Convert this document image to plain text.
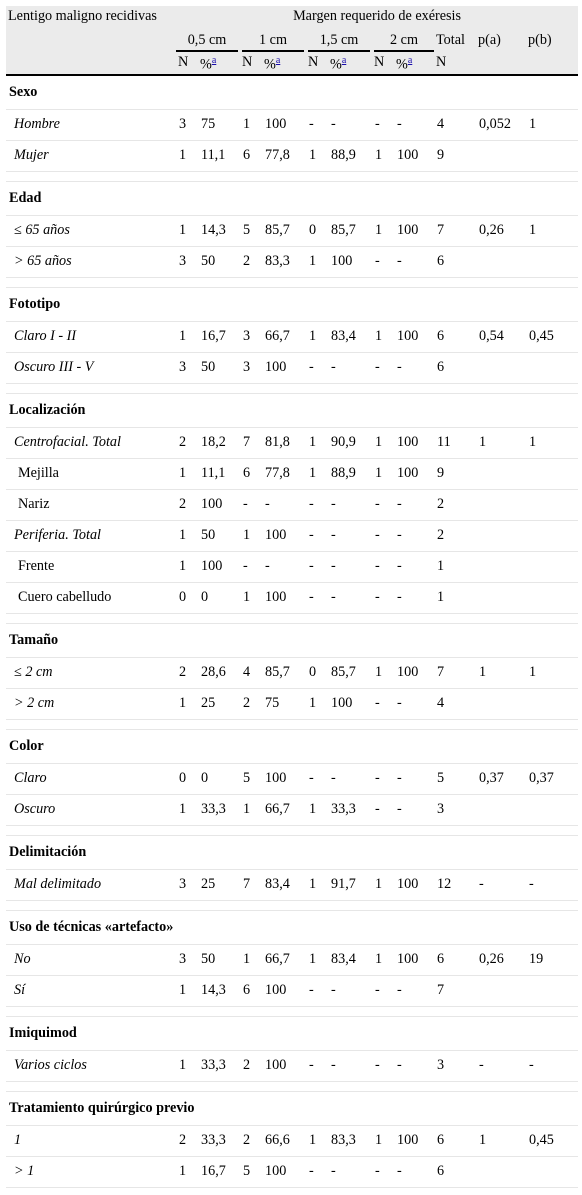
Lentigo maligno recidivas	Margen requerido de exéresis										
	0,5 cm		1 cm		1,5 cm		2 cm		Total	p(a)	p(b)
	N	%$^a$	N	%$^a$	N	%$^a$	N	%$^a$	N		
Sexo											
Hombre	3	75	1	100	-	-	-	-	4	0,052	1
Mujer	1	11,1	6	77,8	1	88,9	1	100	9		

Edad											
≤ 65 años	1	14,3	5	85,7	0	85,7	1	100	7	0,26	1
> 65 años	3	50	2	83,3	1	100	-	-	6		

Fototipo											
Claro I - II	1	16,7	3	66,7	1	83,4	1	100	6	0,54	0,45
Oscuro III - V	3	50	3	100	-	-	-	-	6		

Localización											
Centrofacial. Total	2	18,2	7	81,8	1	90,9	1	100	11	1	1
Mejilla	1	11,1	6	77,8	1	88,9	1	100	9		
Nariz	2	100	-	-	-	-	-	-	2		
Periferia. Total	1	50	1	100	-	-	-	-	2		
Frente	1	100	-	-	-	-	-	-	1		
Cuero cabelludo	0	0	1	100	-	-	-	-	1		

Tamaño											
≤ 2 cm	2	28,6	4	85,7	0	85,7	1	100	7	1	1
> 2 cm	1	25	2	75	1	100	-	-	4		

Color											
Claro	0	0	5	100	-	-	-	-	5	0,37	0,37
Oscuro	1	33,3	1	66,7	1	33,3	-	-	3		

Delimitación											
Mal delimitado	3	25	7	83,4	1	91,7	1	100	12	-	-

Uso de técnicas «artefacto»											
No	3	50	1	66,7	1	83,4	1	100	6	0,26	19
Sí	1	14,3	6	100	-	-	-	-	7		

Imiquimod											
Varios ciclos	1	33,3	2	100	-	-	-	-	3	-	-

Tratamiento quirúrgico previo											
1	2	33,3	2	66,6	1	83,3	1	100	6	1	0,45
> 1	1	16,7	5	100	-	-	-	-	6		
